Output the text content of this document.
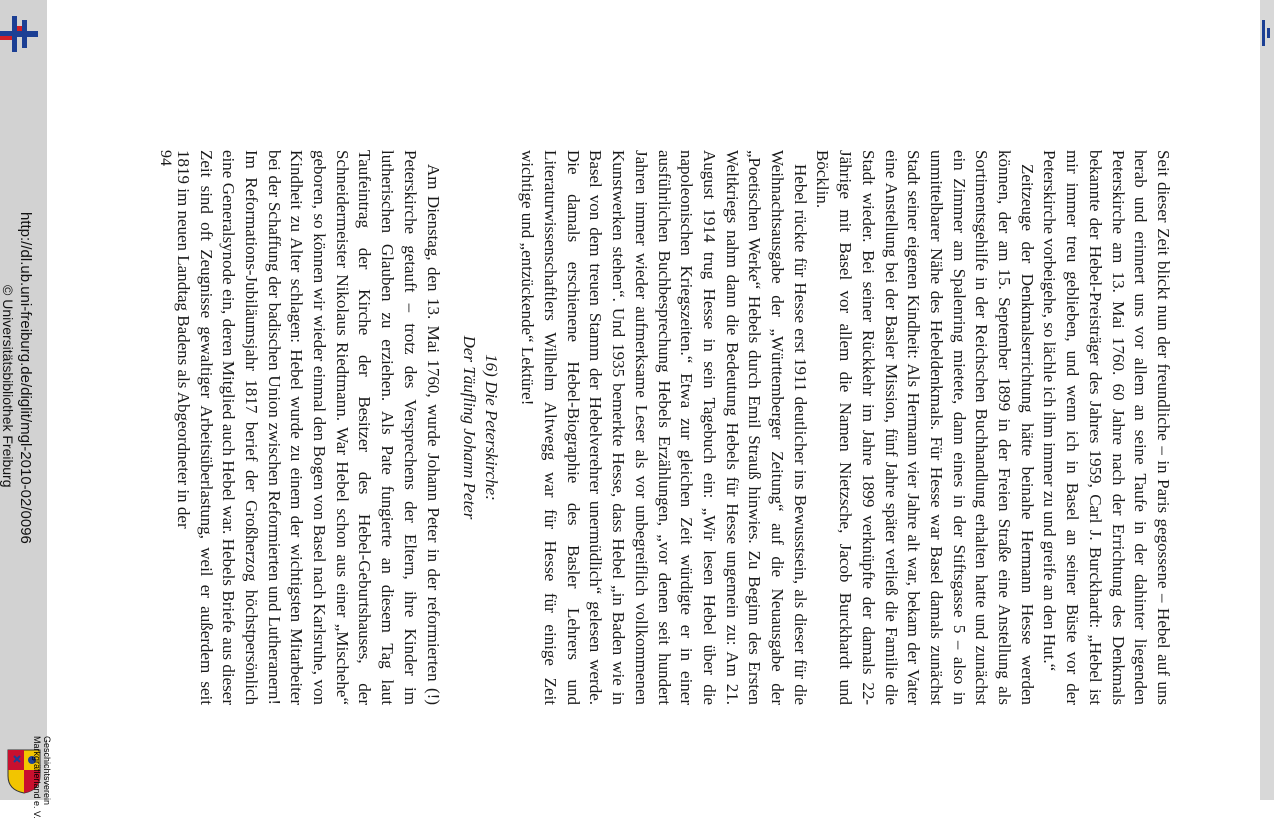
Geschichtsverein
Markgräflerland e. V.

Seit dieser Zeit blickt nun der freundliche – in Paris gegossene – Hebel auf uns herab und erinnert uns vor allem an seine Taufe in der dahinter liegenden Peterskirche am 13. Mai 1760. 60 Jahre nach der Errichtung des Denkmals bekannte der Hebel-Preisträger des Jahres 1959, Carl J. Burckhardt: „Hebel ist mir immer treu geblieben, und wenn ich in Basel an seiner Büste vor der Peterskirche vorbeigehe, so lächle ich ihm immer zu und greife an den Hut.“

Zeitzeuge der Denkmalserrichtung hätte beinahe Hermann Hesse werden können, der am 15. September 1899 in der Freien Straße eine Anstellung als Sortimentsgehilfe in der Reichschen Buchhandlung erhalten hatte und zunächst ein Zimmer am Spalenring mietete, dann eines in der Stiftsgasse 5 – also in unmittelbarer Nähe des Hebeldenkmals. Für Hesse war Basel damals zunächst Stadt seiner eigenen Kindheit: Als Hermann vier Jahre alt war, bekam der Vater eine Anstellung bei der Basler Mission, fünf Jahre später verließ die Familie die Stadt wieder. Bei seiner Rückkehr im Jahre 1899 verknüpfte der damals 22-Jährige mit Basel vor allem die Namen Nietzsche, Jacob Burckhardt und Böcklin.

Hebel rückte für Hesse erst 1911 deutlicher ins Bewusstsein, als dieser für die Weihnachtsausgabe der „Württemberger Zeitung“ auf die Neuausgabe der „Poetischen Werke“ Hebels durch Emil Strauß hinwies. Zu Beginn des Ersten Weltkriegs nahm dann die Bedeutung Hebels für Hesse ungemein zu: Am 21. August 1914 trug Hesse in sein Tagebuch ein: „Wir lesen Hebel über die napoleonischen Kriegszeiten.“ Etwa zur gleichen Zeit würdigte er in einer ausführlichen Buchbesprechung Hebels Erzählungen, „vor denen seit hundert Jahren immer wieder aufmerksame Leser als vor unbegreiflich vollkommenen Kunstwerken stehen“. Und 1935 bemerkte Hesse, dass Hebel „in Baden wie in Basel von dem treuen Stamm der Hebelverehrer unermüdlich“ gelesen werde. Die damals erschienene Hebel-Biographie des Basler Lehrers und Literaturwissenschaftlers Wilhelm Altwegg war für Hesse für einige Zeit wichtige und „entzückende“ Lektüre!

16) Die Peterskirche:
Der Täufling Johann Peter

Am Dienstag, den 13. Mai 1760, wurde Johann Peter in der reformierten (!) Peterskirche getauft – trotz des Versprechens der Eltern, ihre Kinder im lutherischen Glauben zu erziehen. Als Pate fungierte an diesem Tag laut Taufeintrag der Kirche der Besitzer des Hebel-Geburtshauses, der Schneidermeister Nikolaus Riedtmann. War Hebel schon aus einer „Mischehe“ geboren, so können wir wieder einmal den Bogen von Basel nach Karlsruhe, von Kindheit zu Alter schlagen: Hebel wurde zu einem der wichtigsten Mitarbeiter bei der Schaffung der badischen Union zwischen Reformierten und Lutheranern! Im Reformations-Jubiläumsjahr 1817 berief der Großherzog höchstpersönlich eine Generalsynode ein, deren Mitglied auch Hebel war. Hebels Briefe aus dieser Zeit sind oft Zeugnisse gewaltiger Arbeitsüberlastung, weil er außerdem seit 1819 im neuen Landtag Badens als Abgeordneter in der

94
http://dl.ub.uni-freiburg.de/diglit/mgl-2010-02/0096
© Universitätsbibliothek Freiburg
